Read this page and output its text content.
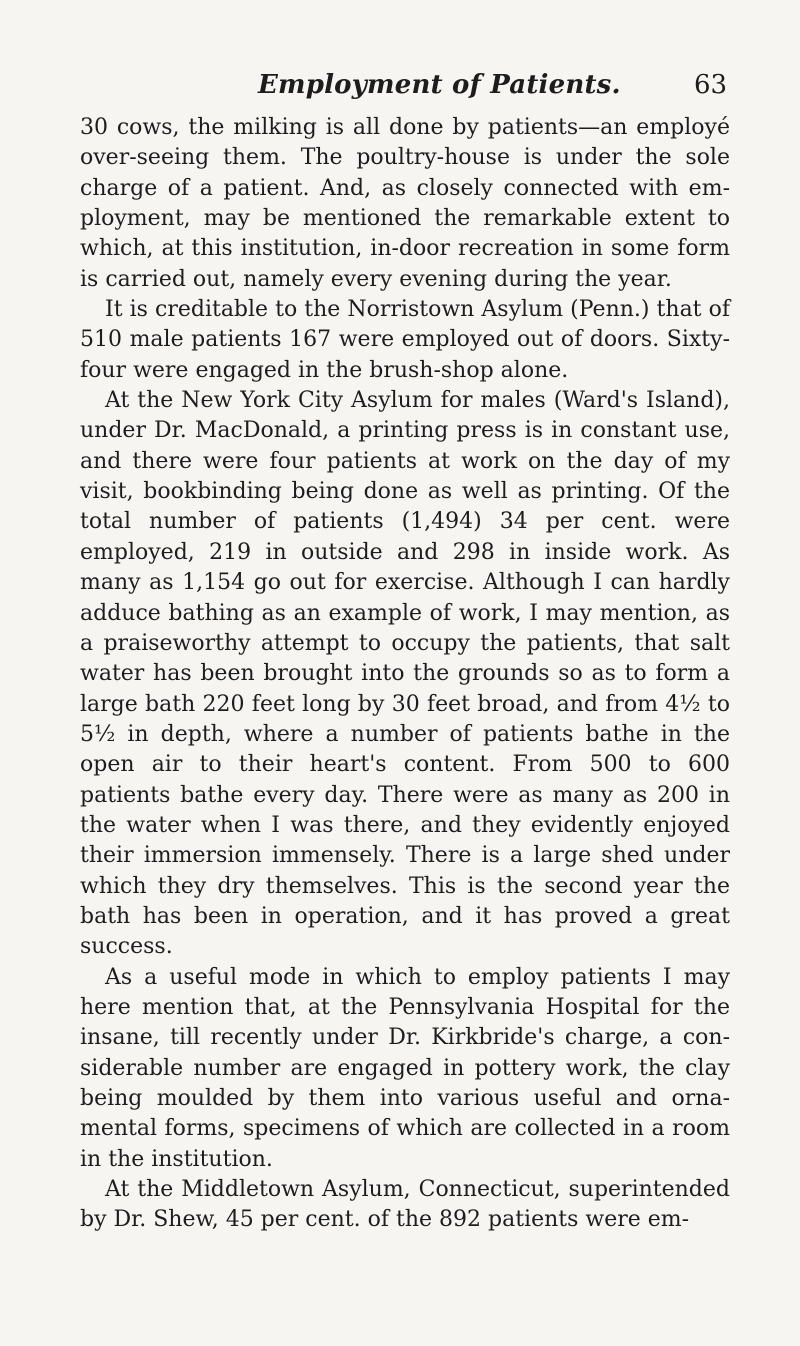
Employment of Patients.	63

30 cows, the milking is all done by patients—an employé over-seeing them. The poultry-house is under the sole charge of a patient. And, as closely connected with employment, may be mentioned the remarkable extent to which, at this institution, in-door recreation in some form is carried out, namely every evening during the year.

It is creditable to the Norristown Asylum (Penn.) that of 510 male patients 167 were employed out of doors. Sixty-four were engaged in the brush-shop alone.

At the New York City Asylum for males (Ward's Island), under Dr. MacDonald, a printing press is in constant use, and there were four patients at work on the day of my visit, bookbinding being done as well as printing. Of the total number of patients (1,494) 34 per cent. were employed, 219 in outside and 298 in inside work. As many as 1,154 go out for exercise. Although I can hardly adduce bathing as an example of work, I may mention, as a praiseworthy attempt to occupy the patients, that salt water has been brought into the grounds so as to form a large bath 220 feet long by 30 feet broad, and from 4½ to 5½ in depth, where a number of patients bathe in the open air to their heart's content. From 500 to 600 patients bathe every day. There were as many as 200 in the water when I was there, and they evidently enjoyed their immersion immensely. There is a large shed under which they dry themselves. This is the second year the bath has been in operation, and it has proved a great success.

As a useful mode in which to employ patients I may here mention that, at the Pennsylvania Hospital for the insane, till recently under Dr. Kirkbride's charge, a considerable number are engaged in pottery work, the clay being moulded by them into various useful and ornamental forms, specimens of which are collected in a room in the institution.

At the Middletown Asylum, Connecticut, superintended by Dr. Shew, 45 per cent. of the 892 patients were em-
